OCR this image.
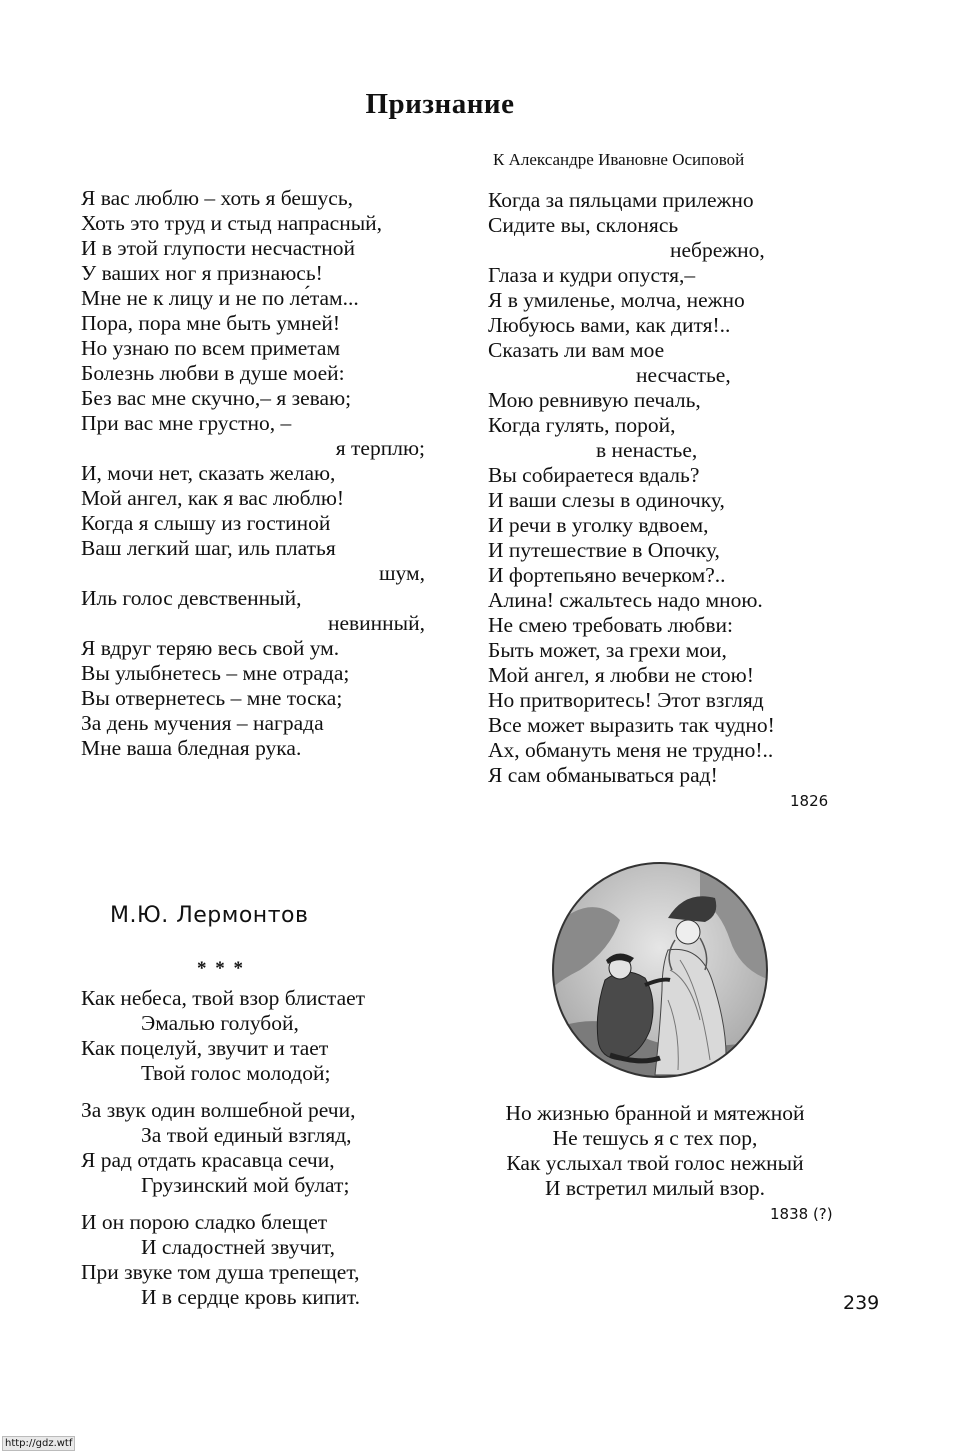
Признание
К Александре Ивановне Осиповой
Я вас люблю – хоть я бешусь,
Хоть это труд и стыд напрасный,
И в этой глупости несчастной
У ваших ног я признаюсь!
Мне не к лицу и не по ле́там...
Пора, пора мне быть умней!
Но узнаю по всем приметам
Болезнь любви в душе моей:
Без вас мне скучно,– я зеваю;
При вас мне грустно, –
я терплю;
И, мочи нет, сказать желаю,
Мой ангел, как я вас люблю!
Когда я слышу из гостиной
Ваш легкий шаг, иль платья
шум,
Иль голос девственный,
невинный,
Я вдруг теряю весь свой ум.
Вы улыбнетесь – мне отрада;
Вы отвернетесь – мне тоска;
За день мучения – награда
Мне ваша бледная рука.
Когда за пяльцами прилежно
Сидите вы, склонясь
небрежно,
Глаза и кудри опустя,–
Я в умиленье, молча, нежно
Любуюсь вами, как дитя!..
Сказать ли вам мое
несчастье,
Мою ревнивую печаль,
Когда гулять, порой,
в ненастье,
Вы собираетеся вдаль?
И ваши слезы в одиночку,
И речи в уголку вдвоем,
И путешествие в Опочку,
И фортепьяно вечерком?..
Алина! сжальтесь надо мною.
Не смею требовать любви:
Быть может, за грехи мои,
Мой ангел, я любви не стою!
Но притворитесь! Этот взгляд
Все может выразить так чудно!
Ах, обмануть меня не трудно!..
Я сам обманываться рад!
1826
М.Ю. Лермонтов
* * *
Как небеса, твой взор блистает
Эмалью голубой,
Как поцелуй, звучит и тает
Твой голос молодой;
За звук один волшебной речи,
За твой единый взгляд,
Я рад отдать красавца сечи,
Грузинский мой булат;
И он порою сладко блещет
И сладостней звучит,
При звуке том душа трепещет,
И в сердце кровь кипит.
Но жизнью бранной и мятежной
Не тешусь я с тех пор,
Как услыхал твой голос нежный
И встретил милый взор.
1838 (?)
239
http://gdz.wtf
